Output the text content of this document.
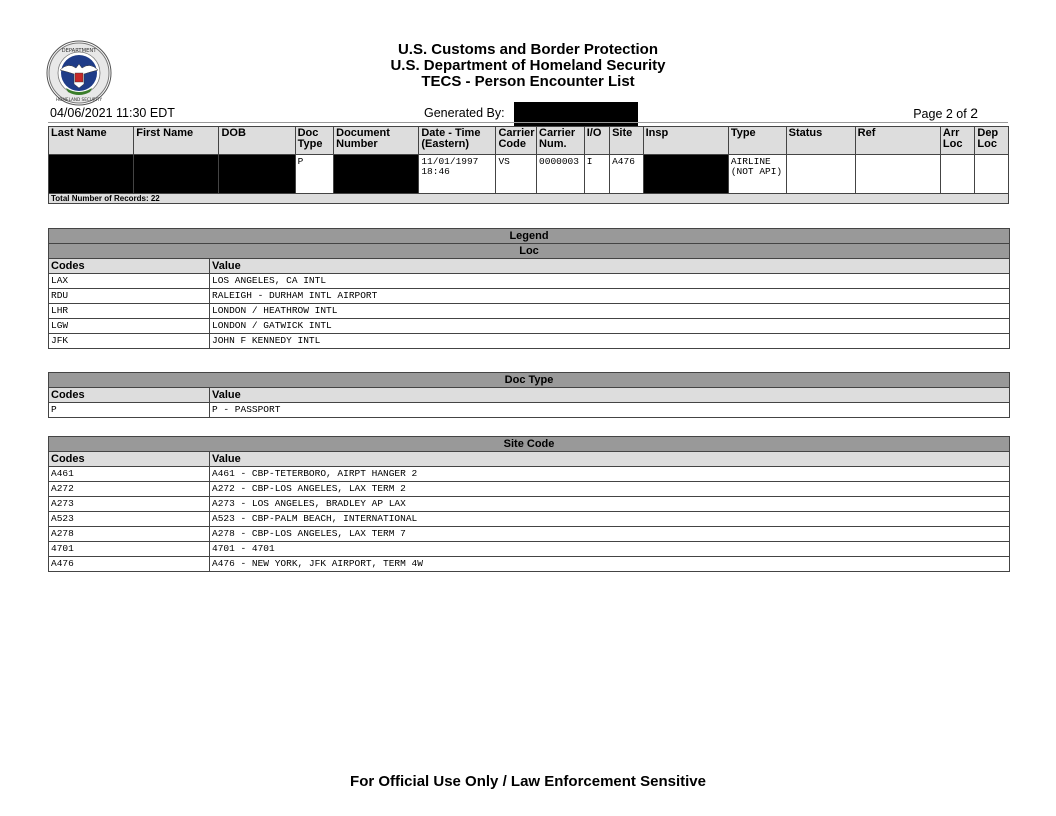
DEPARTMENT
HOMELAND SECURITY
U.S. Customs and Border Protection
U.S. Department of Homeland Security
TECS - Person Encounter List
04/06/2021 11:30 EDT	Generated By:	Page 2 of 2
Last Name	First Name	DOB	Doc Type	Document Number	Date - Time (Eastern)	Carrier Code	Carrier Num.	I/O	Site	Insp	Type	Status	Ref	Arr Loc	Dep Loc
			P		11/01/1997 18:46	VS	0000003	I	A476		AIRLINE (NOT API)				
Total Number of Records: 22															
Legend	
Loc	
Codes	Value
LAX	LOS ANGELES, CA INTL
RDU	RALEIGH - DURHAM INTL AIRPORT
LHR	LONDON / HEATHROW INTL
LGW	LONDON / GATWICK INTL
JFK	JOHN F KENNEDY INTL
Doc Type	
Codes	Value
P	P - PASSPORT
Site Code	
Codes	Value
A461	A461 - CBP-TETERBORO, AIRPT HANGER 2
A272	A272 - CBP-LOS ANGELES, LAX TERM 2
A273	A273 - LOS ANGELES, BRADLEY AP LAX
A523	A523 - CBP-PALM BEACH, INTERNATIONAL
A278	A278 - CBP-LOS ANGELES, LAX TERM 7
4701	4701 - 4701
A476	A476 - NEW YORK, JFK AIRPORT, TERM 4W
For Official Use Only / Law Enforcement Sensitive
